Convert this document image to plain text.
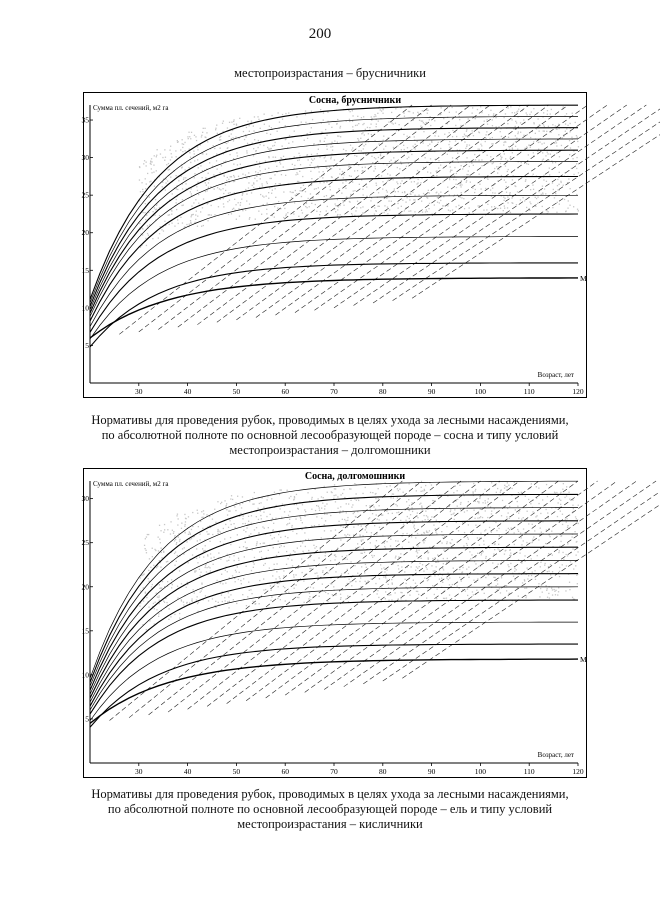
200
местопроизрастания – брусничники
M
30	40	50	60	70	80	90	100	110	120
5
10
15
20
25
30
35
Сосна, брусничники
Сумма пл. сечений, м2 га
Возраст, лет
Нормативы для проведения рубок, проводимых в целях ухода за лесными насаждениями,
по абсолютной полноте по основной лесообразующей породе – сосна и типу условий
местопроизрастания – долгомошники
M
30	40	50	60	70	80	90	100	110	120
5
10
15
20
25
30
Сосна, долгомошники
Сумма пл. сечений, м2 га
Возраст, лет
Нормативы для проведения рубок, проводимых в целях ухода за лесными насаждениями,
по абсолютной полноте по основной лесообразующей породе – ель и типу условий
местопроизрастания – кисличники
